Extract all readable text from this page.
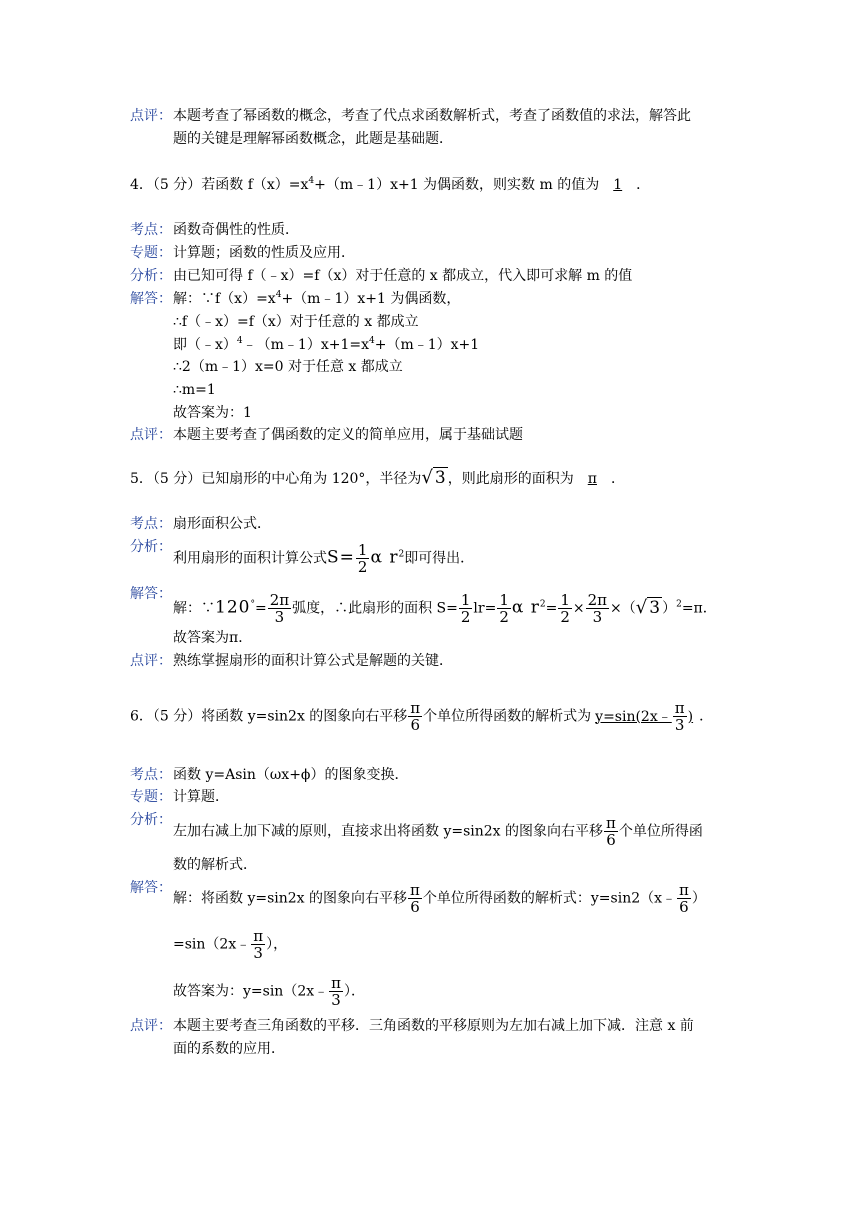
点评： 本题考查了幂函数的概念，考查了代点求函数解析式，考查了函数值的求法，解答此
题的关键是理解幂函数概念，此题是基础题．
4．（5 分）若函数 $f(x)=x^4+(m﹣1)x+1$ 为偶函数，则实数 m 的值为 1 ．
考点： 函数奇偶性的性质．
专题： 计算题；函数的性质及应用．
分析： 由已知可得 f（﹣x）=f（x）对于任意的 x 都成立，代入即可求解 m 的值
解答： 解：$\because f(x)=x^4+(m﹣1)x+1$ 为偶函数，
∴f（﹣x）=f（x）对于任意的 x 都成立
即$(﹣x)^4﹣(m﹣1)x+1=x^4+(m﹣1)x+1$
∴2（m﹣1）x=0 对于任意 x 都成立
∴m=1
故答案为：1
点评： 本题主要考查了偶函数的定义的简单应用，属于基础试题
5．（5 分）已知扇形的中心角为 120°，半径为√ 3 ，则此扇形的面积为 π ．
考点： 扇形面积公式．
分析：
利用扇形的面积计算公式$S= \frac{1}{2}$ α $r^2$即可得出．
解答：
解：∵120°= $\frac{2\pi}{3}$ 弧度，∴此扇形的面积 $S= \frac{1}{2} lr= \frac{1}{2}$ α $r^2= \frac{1}{2} \times \frac{2\pi}{3}$ ×（√ 3 ）$^2$=π．
故答案为π．
点评： 熟练掌握扇形的面积计算公式是解题的关键．
6．（5 分）将函数 y=sin2x 的图象向右平移 $\frac{\pi}{6}$ 个单位所得函数的解析式为 y=sin(2x﹣ $\frac{\pi}{3}$ ) ．
考点： 函数 y=Asin（ωx+ϕ）的图象变换．
专题： 计算题．
分析：
左加右减上加下减的原则，直接求出将函数 y=sin2x 的图象向右平移 $\frac{\pi}{6}$ 个单位所得函
数的解析式．
解答：
解：将函数 y=sin2x 的图象向右平移 $\frac{\pi}{6}$ 个单位所得函数的解析式：y=sin2（x﹣ $\frac{\pi}{6}$ ）
=sin（2x﹣ $\frac{\pi}{3}$ ），
故答案为：y=sin（2x﹣ $\frac{\pi}{3}$ ）．
点评： 本题主要考查三角函数的平移．三角函数的平移原则为左加右减上加下减．注意 x 前
面的系数的应用．
